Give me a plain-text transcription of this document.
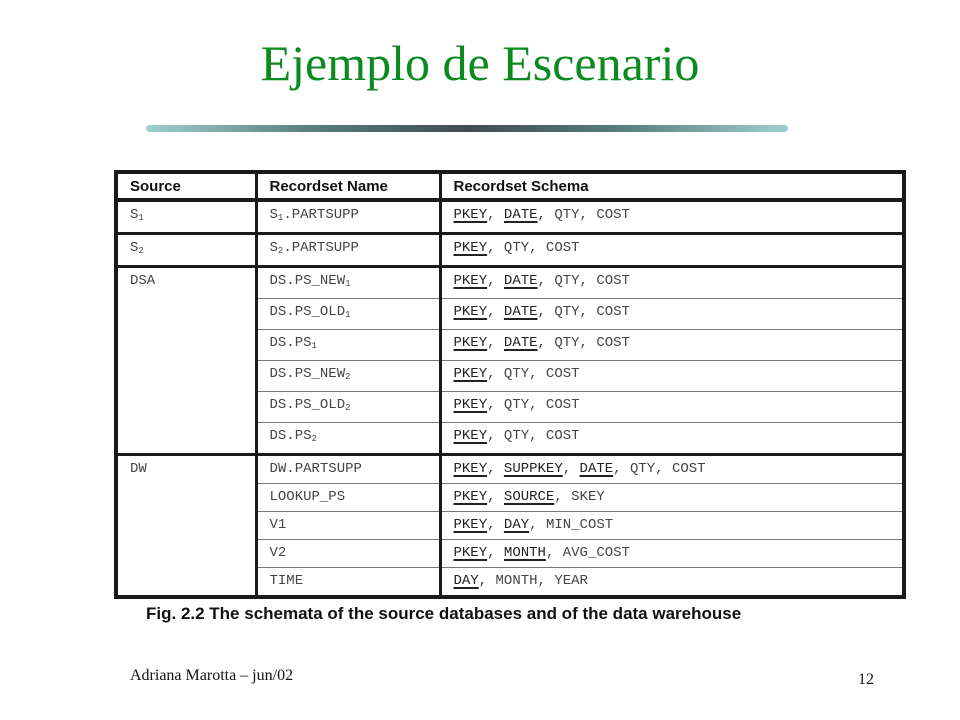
Ejemplo de Escenario
Source	Recordset Name	Recordset Schema
$S_1$	$S_1.PARTSUPP$	PKEY, DATE, QTY, COST
$S_2$	$S_2.PARTSUPP$	PKEY, QTY, COST
DSA	$DS.PS\_NEW_1$	PKEY, DATE, QTY, COST
	$DS.PS\_OLD_1$	PKEY, DATE, QTY, COST
	$DS.PS_1$	PKEY, DATE, QTY, COST
	$DS.PS\_NEW_2$	PKEY, QTY, COST
	$DS.PS\_OLD_2$	PKEY, QTY, COST
	$DS.PS_2$	PKEY, QTY, COST
DW	DW.PARTSUPP	PKEY, SUPPKEY, DATE, QTY, COST
	LOOKUP_PS	PKEY, SOURCE, SKEY
	V1	PKEY, DAY, MIN_COST
	V2	PKEY, MONTH, AVG_COST
	TIME	DAY, MONTH, YEAR
Fig. 2.2 The schemata of the source databases and of the data warehouse
Adriana Marotta – jun/02	12
